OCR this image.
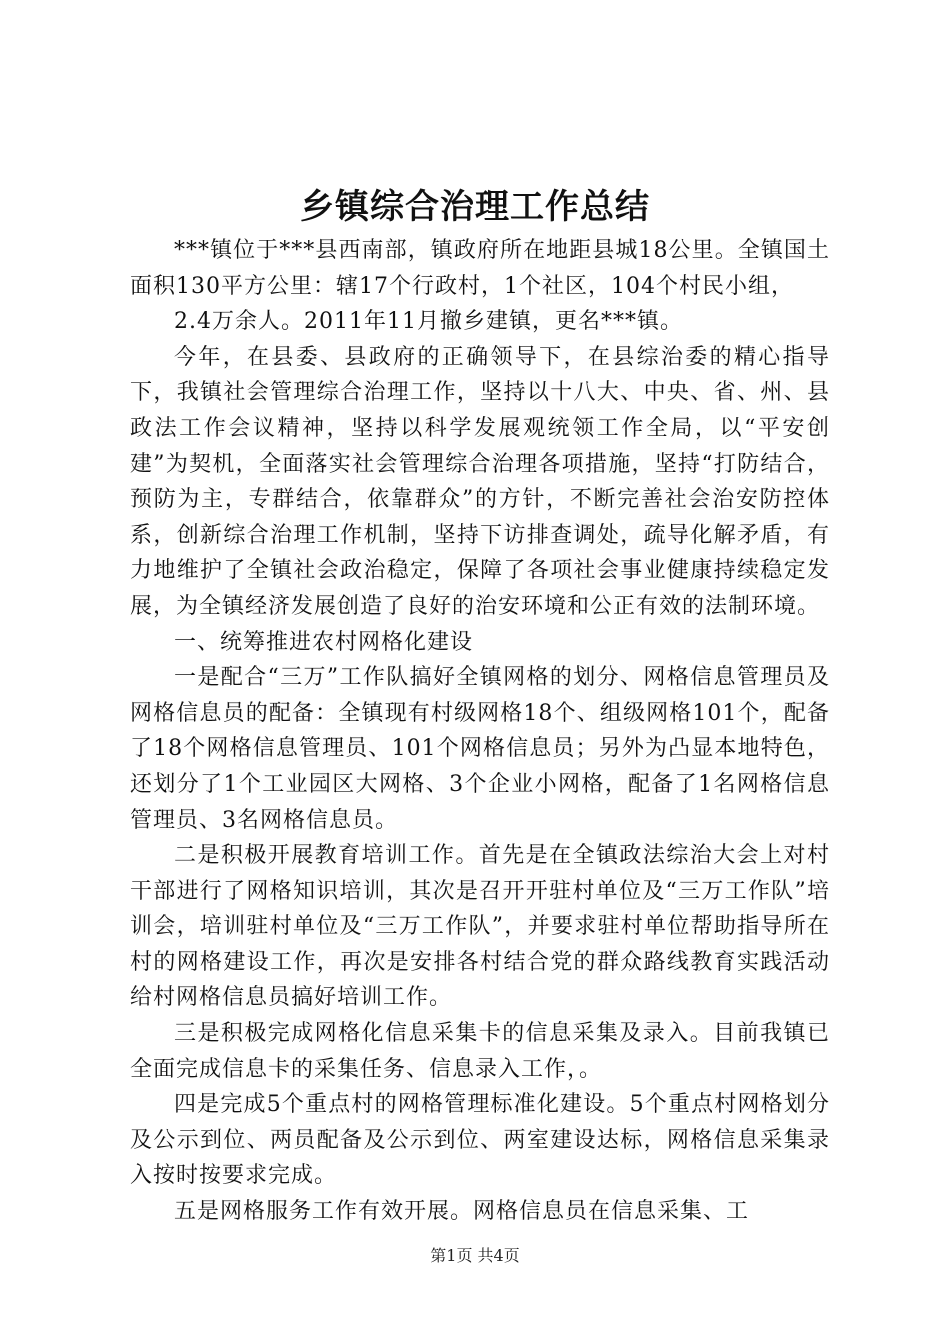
乡镇综合治理工作总结

***镇位于***县西南部，镇政府所在地距县城18公里。全镇国土面积130平方公里：辖17个行政村，1个社区，104个村民小组，

2.4万余人。2011年11月撤乡建镇，更名***镇。

今年，在县委、县政府的正确领导下，在县综治委的精心指导下，我镇社会管理综合治理工作，坚持以十八大、中央、省、州、县政法工作会议精神，坚持以科学发展观统领工作全局，以“平安创建”为契机，全面落实社会管理综合治理各项措施，坚持“打防结合，预防为主，专群结合，依靠群众”的方针，不断完善社会治安防控体系，创新综合治理工作机制，坚持下访排查调处，疏导化解矛盾，有力地维护了全镇社会政治稳定，保障了各项社会事业健康持续稳定发展，为全镇经济发展创造了良好的治安环境和公正有效的法制环境。

一、统筹推进农村网格化建设

一是配合“三万”工作队搞好全镇网格的划分、网格信息管理员及网格信息员的配备：全镇现有村级网格18个、组级网格101个，配备了18个网格信息管理员、101个网格信息员；另外为凸显本地特色，还划分了1个工业园区大网格、3个企业小网格，配备了1名网格信息管理员、3名网格信息员。

二是积极开展教育培训工作。首先是在全镇政法综治大会上对村干部进行了网格知识培训，其次是召开开驻村单位及“三万工作队”培训会，培训驻村单位及“三万工作队”，并要求驻村单位帮助指导所在村的网格建设工作，再次是安排各村结合党的群众路线教育实践活动给村网格信息员搞好培训工作。

三是积极完成网格化信息采集卡的信息采集及录入。目前我镇已全面完成信息卡的采集任务、信息录入工作，。

四是完成5个重点村的网格管理标准化建设。5个重点村网格划分及公示到位、两员配备及公示到位、两室建设达标，网格信息采集录入按时按要求完成。

五是网格服务工作有效开展。网格信息员在信息采集、工

第1页 共4页
